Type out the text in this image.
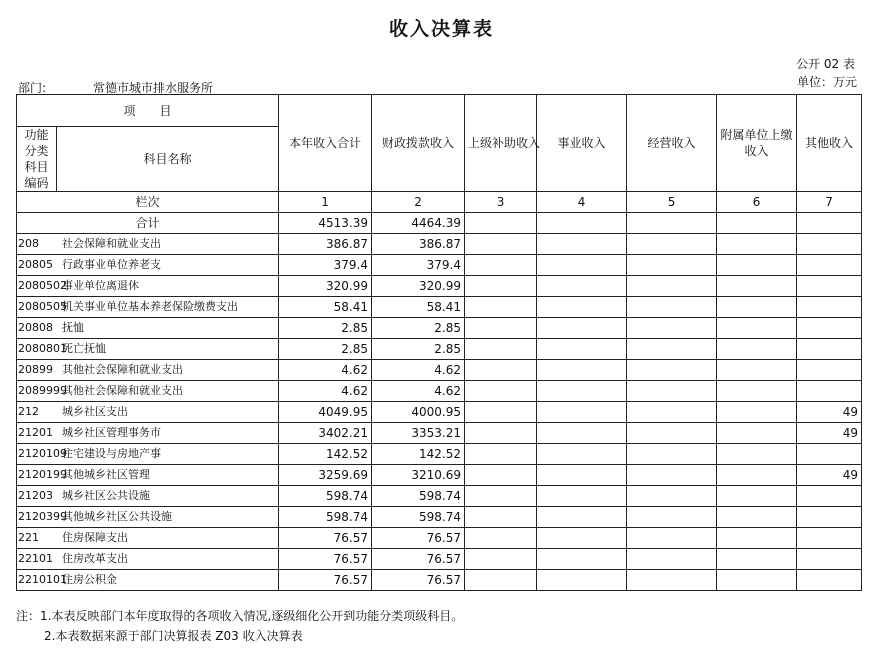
收入决算表
公开 02 表
部门:	常德市城市排水服务所	单位：万元
项　　目		本年收入合计	财政拨款收入	上级补助收入	事业收入	经营收入	附属单位上缴收入	其他收入
功能分类科目编码	科目名称							
栏次		1	2	3	4	5	6	7
合计		4513.39	4464.39					
208 社会保障和就业支出		386.87	386.87					
20805 行政事业单位养老支		379.4	379.4					
2080502事业单位离退休		320.99	320.99					
2080505机关事业单位基本养老保险缴费支出		58.41	58.41					
20808 抚恤		2.85	2.85					
2080801死亡抚恤		2.85	2.85					
20899 其他社会保障和就业支出		4.62	4.62					
2089999其他社会保障和就业支出		4.62	4.62					
212 城乡社区支出		4049.95	4000.95					49
21201 城乡社区管理事务市		3402.21	3353.21					49
2120109住宅建设与房地产事		142.52	142.52					
2120199其他城乡社区管理		3259.69	3210.69					49
21203 城乡社区公共设施		598.74	598.74					
2120399其他城乡社区公共设施		598.74	598.74					
221 住房保障支出		76.57	76.57					
22101 住房改革支出		76.57	76.57					
2210101住房公积金		76.57	76.57					
注：1.本表反映部门本年度取得的各项收入情况,逐级细化公开到功能分类项级科目。
2.本表数据来源于部门决算报表 Z03 收入决算表
